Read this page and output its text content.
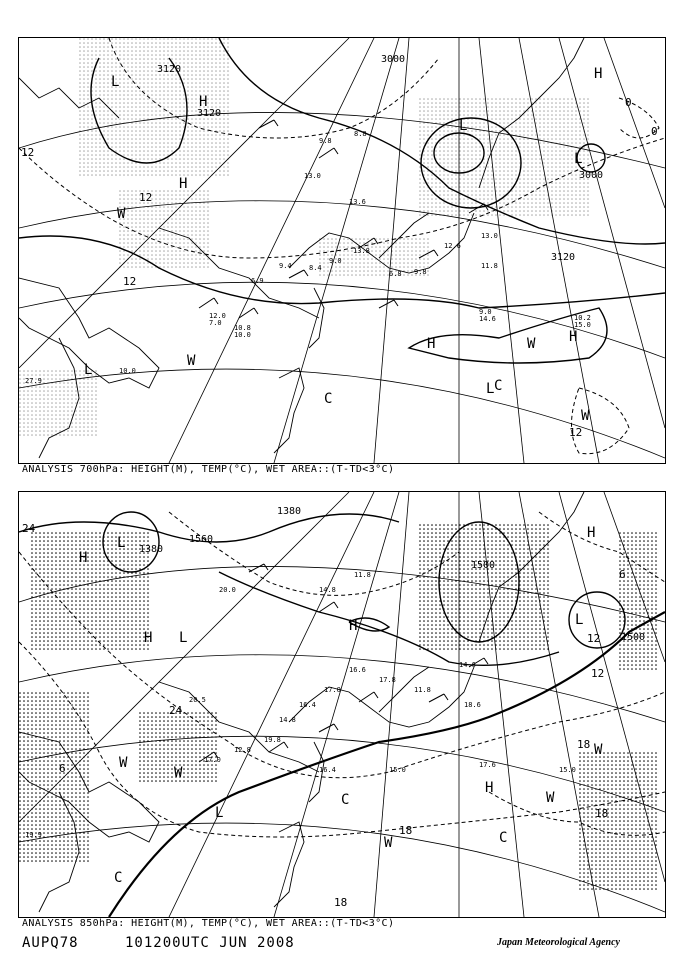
3120
3120
3000
3000
3120
12
12
12
0
0
12
L
L
L
L
H
H
H	H
H
L
C
C
W
W
W
W
12.0
7.0
10.8
10.0
6.9
9.4 8.4
9.0
13.8
6.8 9.8
12.6
11.8
13.0
9.8
8.8
13.0
13.6
9.0
14.6	10.2
15.0
10.0
27.9
ANALYSIS 700hPa: HEIGHT(M), TEMP(°C), WET AREA::(T-TD<3°C)
1380
1380
1500
1500
1560
24
24
12
12
18
18
18
18
6
6
H
H
H
H
H
L
L
L
L
C
C
C
W
W
W
W
W
20.5
17.0
12.8
19.8
14.8
16.4
17.0
16.6
17.8
11.8
14.6
18.6
16.4	15.0
17.6
15.0
14.8
11.8
20.0
19.9
ANALYSIS 850hPa: HEIGHT(M), TEMP(°C), WET AREA::(T-TD<3°C)
AUPQ78	101200UTC JUN 2008	Japan Meteorological Agency
